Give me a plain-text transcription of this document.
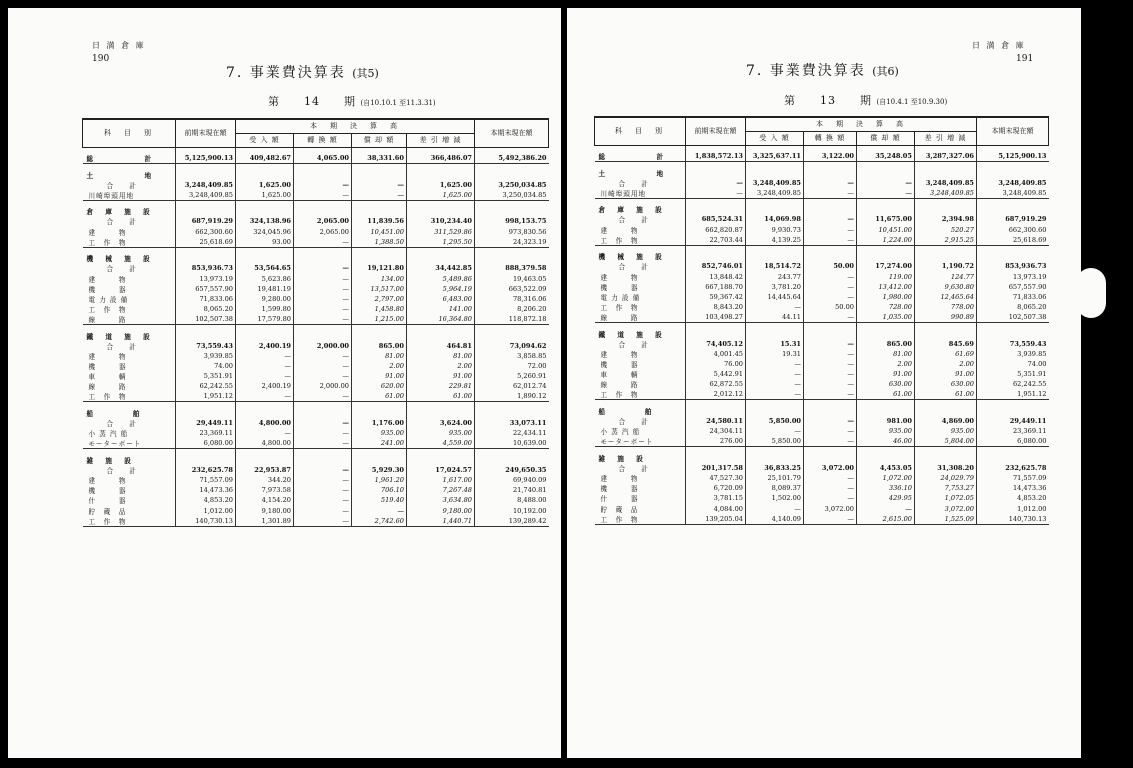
日 満 倉 庫
190
7. 事業費決算表 (其5)
第　　14　　期 (自10.10.1 至11.3.31)
日 満 倉 庫
191
7. 事業費決算表 (其6)
第　　13　　期 (自10.4.1 至10.9.30)
科　目　別	前期末現在額	本　期　決　算　高				本期末現在額
		受 入 額	轉 換 額	償 却 額	差 引 増 減	

総　　　　計	5,125,900.13	409,482.67	4,065.00	38,331.60	366,486.07	5,492,386.20

土　　　　地						
合　　計	3,248,409.85	1,625.00	—	—	1,625.00	3,250,034.85
川崎埠頭用地	3,248,409.85	1,625.00	—	—	1,625.00	3,250,034.85

倉 庫 施 設						
合　　計	687,919.29	324,138.96	2,065.00	11,839.56	310,234.40	998,153.75
建　　　物	662,300.60	324,045.96	2,065.00	10,451.00	311,529.86	973,830.56
工　作　物	25,618.69	93.00	—	1,388.50	1,295.50	24,323.19

機 械 施 設						
合　　計	853,936.73	53,564.65	—	19,121.80	34,442.85	888,379.58
建　　　物	13,973.19	5,623.86	—	134.00	5,489.86	19,463.05
機　　　器	657,557.90	19,481.19	—	13,517.00	5,964.19	663,522.09
電 力 設 備	71,833.06	9,280.00	—	2,797.00	6,483.00	78,316.06
工　作　物	8,065.20	1,599.80	—	1,458.80	141.00	8,206.20
線　　　路	102,507.38	17,579.80	—	1,215.00	16,364.80	118,872.18

鐵 道 施 設						
合　　計	73,559.43	2,400.19	2,000.00	865.00	464.81	73,094.62
建　　　物	3,939.85	—	—	81.00	81.00	3,858.85
機　　　器	74.00	—	—	2.00	2.00	72.00
車　　　輌	5,351.91	—	—	91.00	91.00	5,260.91
線　　　路	62,242.55	2,400.19	2,000.00	620.00	229.81	62,012.74
工　作　物	1,951.12	—	—	61.00	61.00	1,890.12

船　　　舶						
合　　計	29,449.11	4,800.00	—	1,176.00	3,624.00	33,073.11
小 蒸 汽 船	23,369.11	—	—	935.00	935.00	22,434.11
モーターボート	6,080.00	4,800.00	—	241.00	4,559.00	10,639.00

雑 施 設						
合　　計	232,625.78	22,953.87	—	5,929.30	17,024.57	249,650.35
建　　　物	71,557.09	344.20	—	1,961.20	1,617.00	69,940.09
機　　　器	14,473.36	7,973.58	—	706.10	7,267.48	21,740.81
什　　　器	4,853.20	4,154.20	—	519.40	3,634.80	8,488.00
貯　蔵　品	1,012.00	9,180.00	—	—	9,180.00	10,192.00
工　作　物	140,730.13	1,301.89	—	2,742.60	1,440.71	139,289.42
科　目　別	前期末現在額	本　期　決　算　高				本期末現在額
		受 入 額	轉 換 額	償 却 額	差 引 増 減	

総　　　　計	1,838,572.13	3,325,637.11	3,122.00	35,248.05	3,287,327.06	5,125,900.13

土　　　　地						
合　　計	—	3,248,409.85	—	—	3,248,409.85	3,248,409.85
川崎埠頭用地	—	3,248,409.85	—	—	3,248,409.85	3,248,409.85

倉 庫 施 設						
合　　計	685,524.31	14,069.98	—	11,675.00	2,394.98	687,919.29
建　　　物	662,820.87	9,930.73	—	10,451.00	520.27	662,300.60
工　作　物	22,703.44	4,139.25	—	1,224.00	2,915.25	25,618.69

機 械 施 設						
合　　計	852,746.01	18,514.72	50.00	17,274.00	1,190.72	853,936.73
建　　　物	13,848.42	243.77	—	119.00	124.77	13,973.19
機　　　器	667,188.70	3,781.20	—	13,412.00	9,630.80	657,557.90
電 力 設 備	59,367.42	14,445.64	—	1,980.00	12,465.64	71,833.06
工　作　物	8,843.20	—	50.00	728.00	778.00	8,065.20
線　　　路	103,498.27	44.11	—	1,035.00	990.89	102,507.38

鐵 道 施 設						
合　　計	74,405.12	15.31	—	865.00	845.69	73,559.43
建　　　物	4,001.45	19.31	—	81.00	61.69	3,939.85
機　　　器	76.00	—	—	2.00	2.00	74.00
車　　　輌	5,442.91	—	—	91.00	91.00	5,351.91
線　　　路	62,872.55	—	—	630.00	630.00	62,242.55
工　作　物	2,012.12	—	—	61.00	61.00	1,951.12

船　　　舶						
合　　計	24,580.11	5,850.00	—	981.00	4,869.00	29,449.11
小 蒸 汽 船	24,304.11	—	—	935.00	935.00	23,369.11
モーターボート	276.00	5,850.00	—	46.00	5,804.00	6,080.00

雑 施 設						
合　　計	201,317.58	36,833.25	3,072.00	4,453.05	31,308.20	232,625.78
建　　　物	47,527.30	25,101.79	—	1,072.00	24,029.79	71,557.09
機　　　器	6,720.09	8,089.37	—	336.10	7,753.27	14,473.36
什　　　器	3,781.15	1,502.00	—	429.95	1,072.05	4,853.20
貯　蔵　品	4,084.00	—	3,072.00	—	3,072.00	1,012.00
工　作　物	139,205.04	4,140.09	—	2,615.00	1,525.09	140,730.13
